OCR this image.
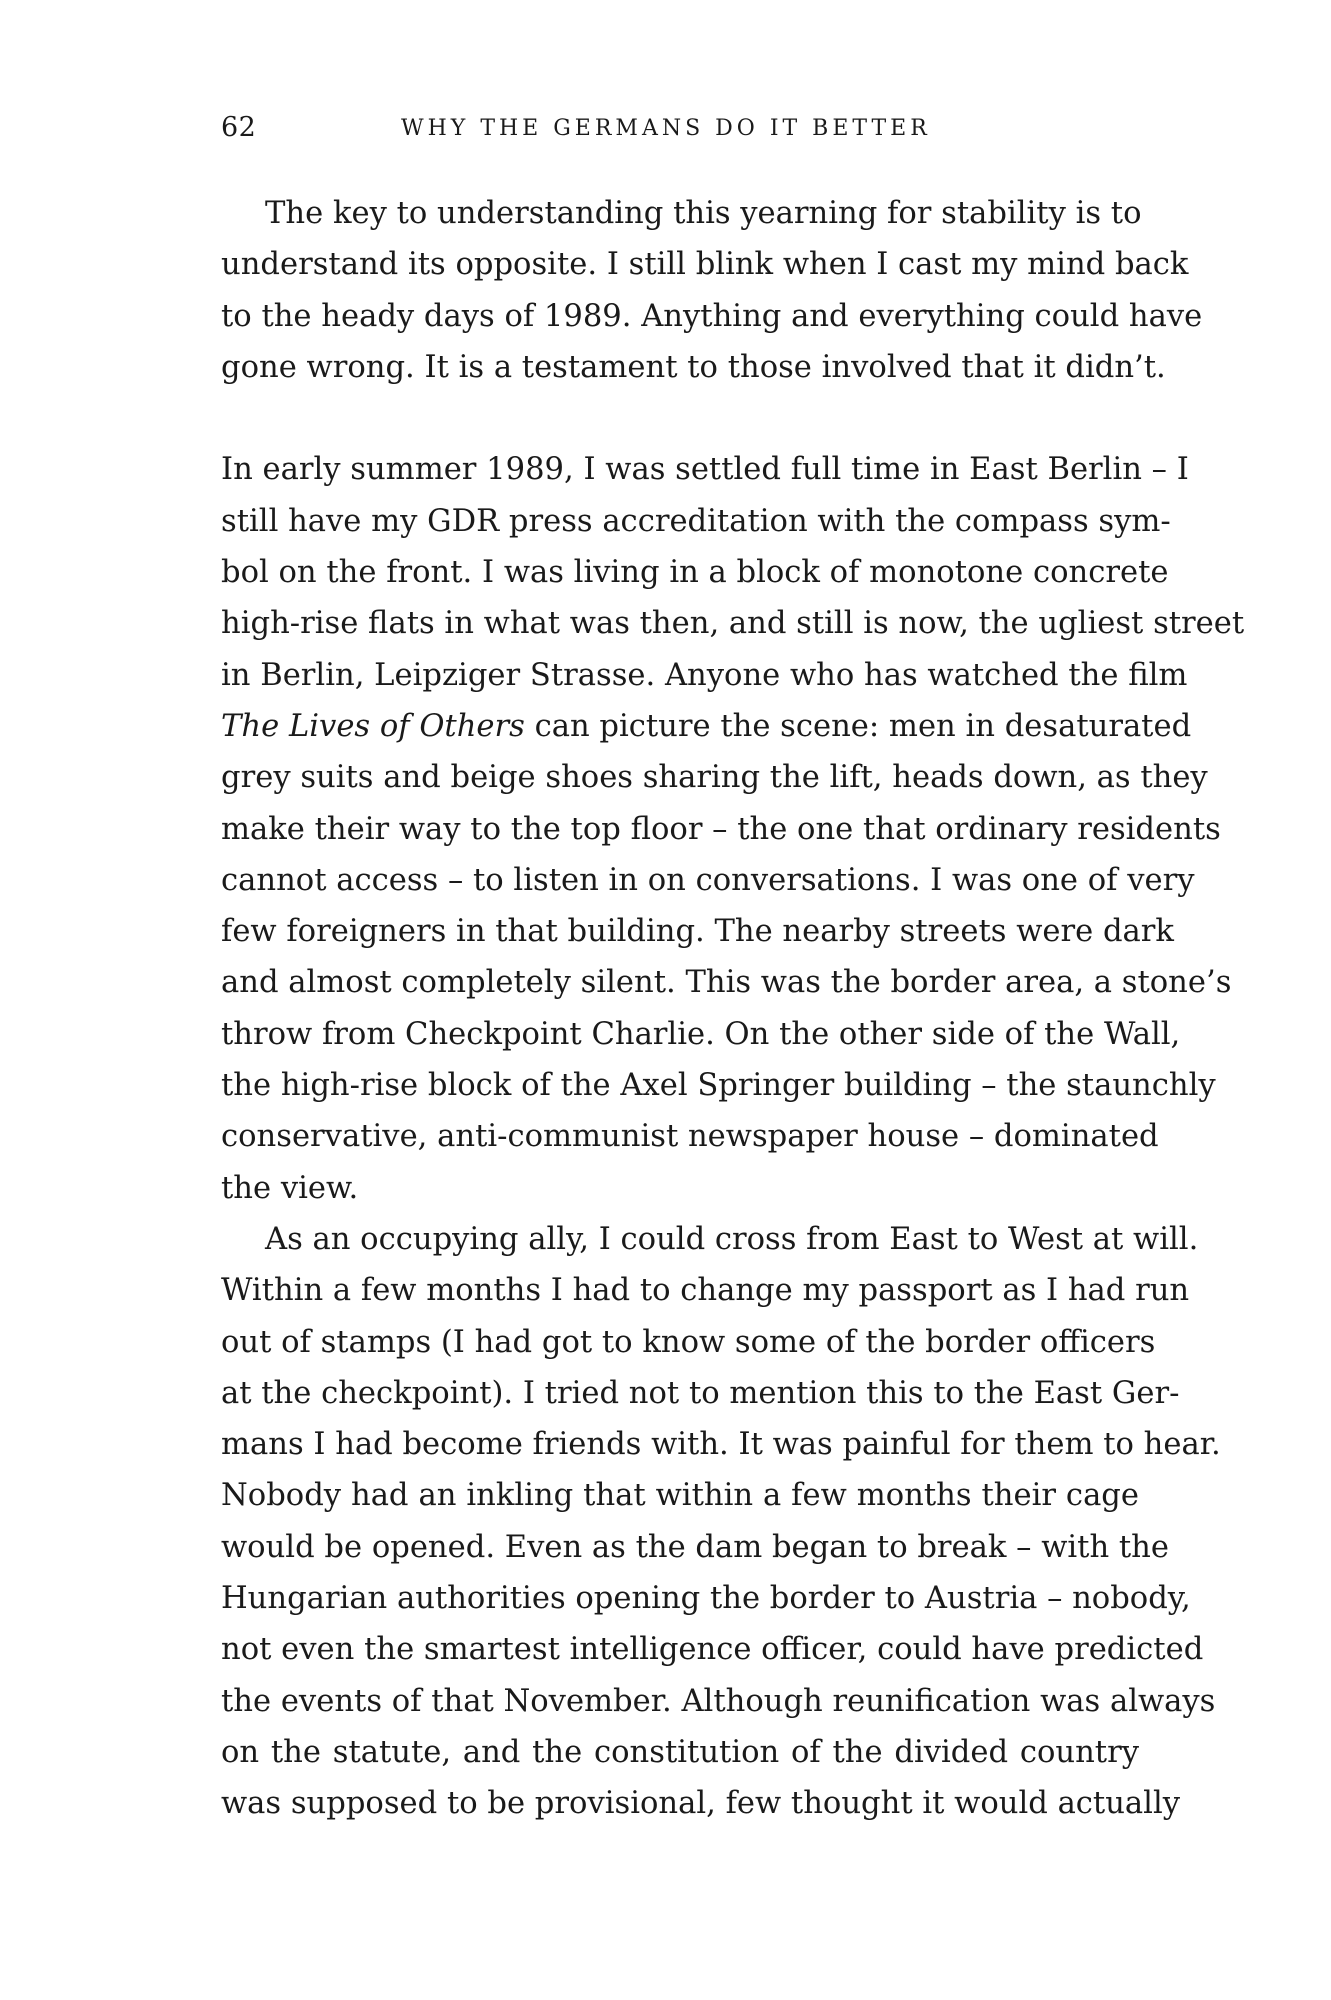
62	WHY THE GERMANS DO IT BETTER

The key to understanding this yearning for stability is to

understand its opposite. I still blink when I cast my mind back

to the heady days of 1989. Anything and everything could have

gone wrong. It is a testament to those involved that it didn’t.

In early summer 1989, I was settled full time in East Berlin – I

still have my GDR press accreditation with the compass sym-

bol on the front. I was living in a block of monotone concrete

high-rise flats in what was then, and still is now, the ugliest street

in Berlin, Leipziger Strasse. Anyone who has watched the film

The Lives of Others can picture the scene: men in desaturated

grey suits and beige shoes sharing the lift, heads down, as they

make their way to the top floor – the one that ordinary residents

cannot access – to listen in on conversations. I was one of very

few foreigners in that building. The nearby streets were dark

and almost completely silent. This was the border area, a stone’s

throw from Checkpoint Charlie. On the other side of the Wall,

the high-rise block of the Axel Springer building – the staunchly

conservative, anti-communist newspaper house – dominated

the view.

As an occupying ally, I could cross from East to West at will.

Within a few months I had to change my passport as I had run

out of stamps (I had got to know some of the border officers

at the checkpoint). I tried not to mention this to the East Ger-

mans I had become friends with. It was painful for them to hear.

Nobody had an inkling that within a few months their cage

would be opened. Even as the dam began to break – with the

Hungarian authorities opening the border to Austria – nobody,

not even the smartest intelligence officer, could have predicted

the events of that November. Although reunification was always

on the statute, and the constitution of the divided country

was supposed to be provisional, few thought it would actually
